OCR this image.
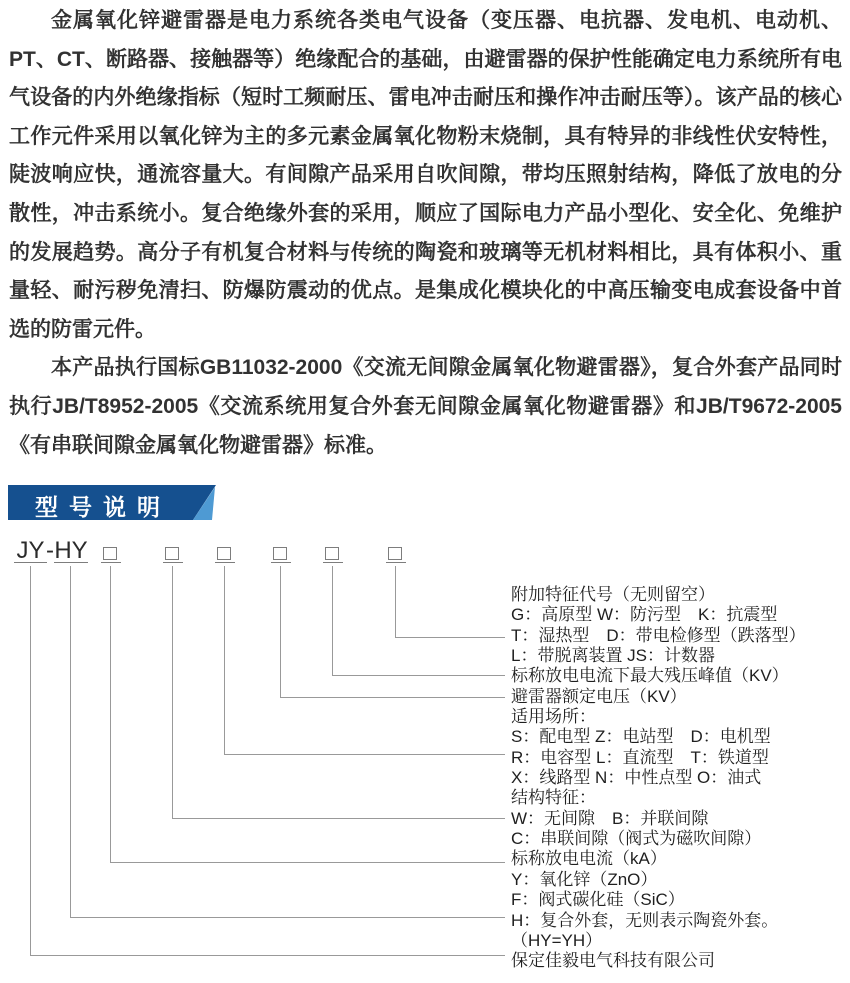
金属氧化锌避雷器是电力系统各类电气设备（变压器、电抗器、发电机、电动机、PT、CT、断路器、接触器等）绝缘配合的基础，由避雷器的保护性能确定电力系统所有电气设备的内外绝缘指标（短时工频耐压、雷电冲击耐压和操作冲击耐压等）。该产品的核心工作元件采用以氧化锌为主的多元素金属氧化物粉末烧制，具有特异的非线性伏安特性，陡波响应快，通流容量大。有间隙产品采用自吹间隙，带均压照射结构，降低了放电的分散性，冲击系统小。复合绝缘外套的采用，顺应了国际电力产品小型化、安全化、免维护的发展趋势。高分子有机复合材料与传统的陶瓷和玻璃等无机材料相比，具有体积小、重量轻、耐污秽免清扫、防爆防震动的优点。是集成化模块化的中高压输变电成套设备中首选的防雷元件。

本产品执行国标GB11032-2000《交流无间隙金属氧化物避雷器》，复合外套产品同时执行JB/T8952-2005《交流系统用复合外套无间隙金属氧化物避雷器》和JB/T9672-2005《有串联间隙金属氧化物避雷器》标准。

型号说明
JY - HY
附加特征代号（无则留空）
G：高原型 W：防污型　K：抗震型
T：湿热型　D：带电检修型（跌落型）
L：带脱离装置 JS：计数器
标称放电电流下最大残压峰值（KV）
避雷器额定电压（KV）
适用场所：
S：配电型 Z：电站型　D：电机型
R：电容型 L：直流型　T：铁道型
X：线路型 N：中性点型 O：油式
结构特征：
W：无间隙　B：并联间隙
C：串联间隙（阀式为磁吹间隙）
标称放电电流（kA）
Y：氧化锌（ZnO）
F：阀式碳化硅（SiC）
H：复合外套，无则表示陶瓷外套。
（HY=YH）
保定佳毅电气科技有限公司
